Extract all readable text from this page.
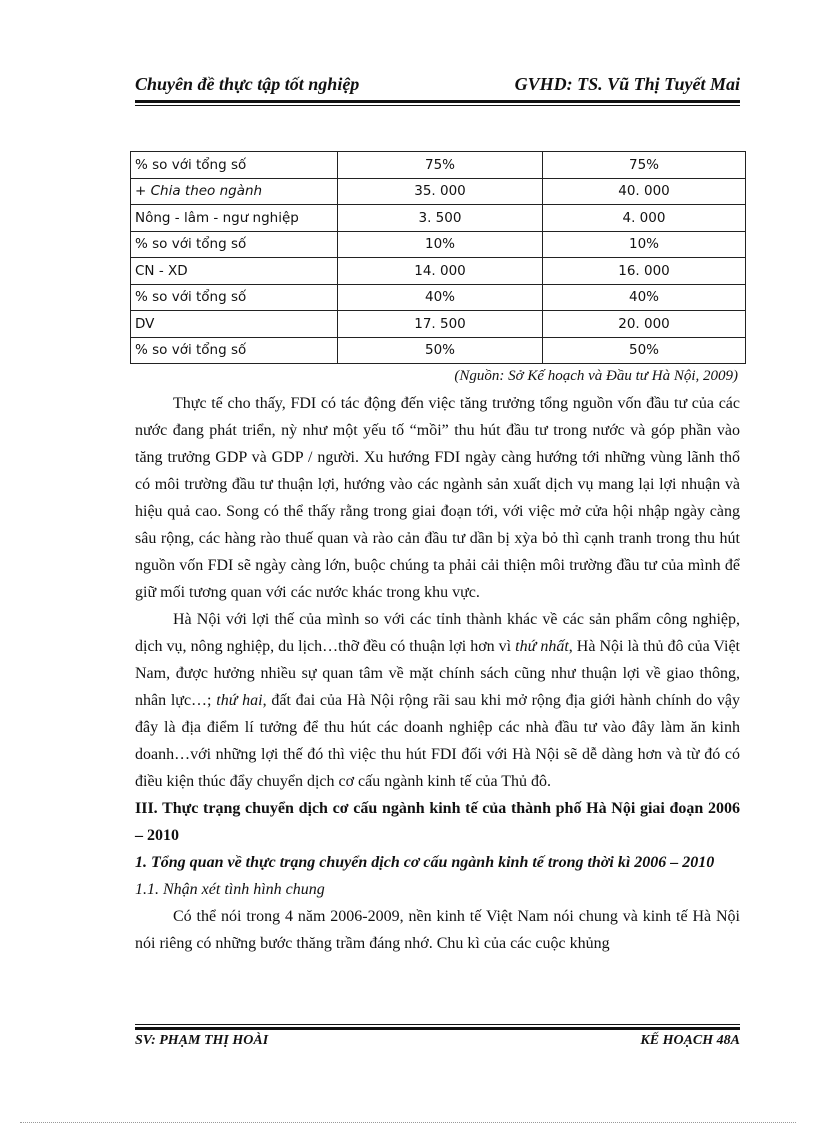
Chuyên đề thực tập tốt nghiệp	GVHD: TS. Vũ Thị Tuyết Mai
% so với tổng số	75%	75%
+ Chia theo ngành	35. 000	40. 000
Nông - lâm - ngư nghiệp	3. 500	4. 000
% so với tổng số	10%	10%
CN - XD	14. 000	16. 000
% so với tổng số	40%	40%
DV	17. 500	20. 000
% so với tổng số	50%	50%
(Nguồn: Sở Kế hoạch và Đầu tư Hà Nội, 2009)

Thực tế cho thấy, FDI có tác động đến việc tăng trưởng tổng nguồn vốn đầu tư của các nước đang phát triển, nỳ như một yếu tố “mồi” thu hút đầu tư trong nước và góp phần vào tăng trưởng GDP và GDP / người. Xu hướng FDI ngày càng hướng tới những vùng lãnh thổ có môi trường đầu tư thuận lợi, hướng vào các ngành sản xuất dịch vụ mang lại lợi nhuận và hiệu quả cao. Song có thể thấy rằng trong giai đoạn tới, với việc mở cửa hội nhập ngày càng sâu rộng, các hàng rào thuế quan và rào cản đầu tư dần bị xỳa bỏ thì cạnh tranh trong thu hút nguồn vốn FDI sẽ ngày càng lớn, buộc chúng ta phải cải thiện môi trường đầu tư của mình để giữ mối tương quan với các nước khác trong khu vực.

Hà Nội với lợi thế của mình so với các tỉnh thành khác về các sản phẩm công nghiệp, dịch vụ, nông nghiệp, du lịch…thỡ đều có thuận lợi hơn vì thứ nhất, Hà Nội là thủ đô của Việt Nam, được hưởng nhiều sự quan tâm về mặt chính sách cũng như thuận lợi về giao thông, nhân lực…; thứ hai, đất đai của Hà Nội rộng rãi sau khi mở rộng địa giới hành chính do vậy đây là địa điểm lí tưởng để thu hút các doanh nghiệp các nhà đầu tư vào đây làm ăn kinh doanh…với những lợi thế đó thì việc thu hút FDI đối với Hà Nội sẽ dễ dàng hơn và từ đó có điều kiện thúc đẩy chuyển dịch cơ cấu ngành kinh tế của Thủ đô.

III. Thực trạng chuyển dịch cơ cấu ngành kinh tế của thành phố Hà Nội giai đoạn 2006 – 2010
1. Tổng quan về thực trạng chuyển dịch cơ cấu ngành kinh tế trong thời kì 2006 – 2010
1.1. Nhận xét tình hình chung

Có thể nói trong 4 năm 2006-2009, nền kinh tế Việt Nam nói chung và kinh tế Hà Nội nói riêng có những bước thăng trầm đáng nhớ. Chu kì của các cuộc khủng

SV: PHẠM THỊ HOÀI	KẾ HOẠCH 48A
